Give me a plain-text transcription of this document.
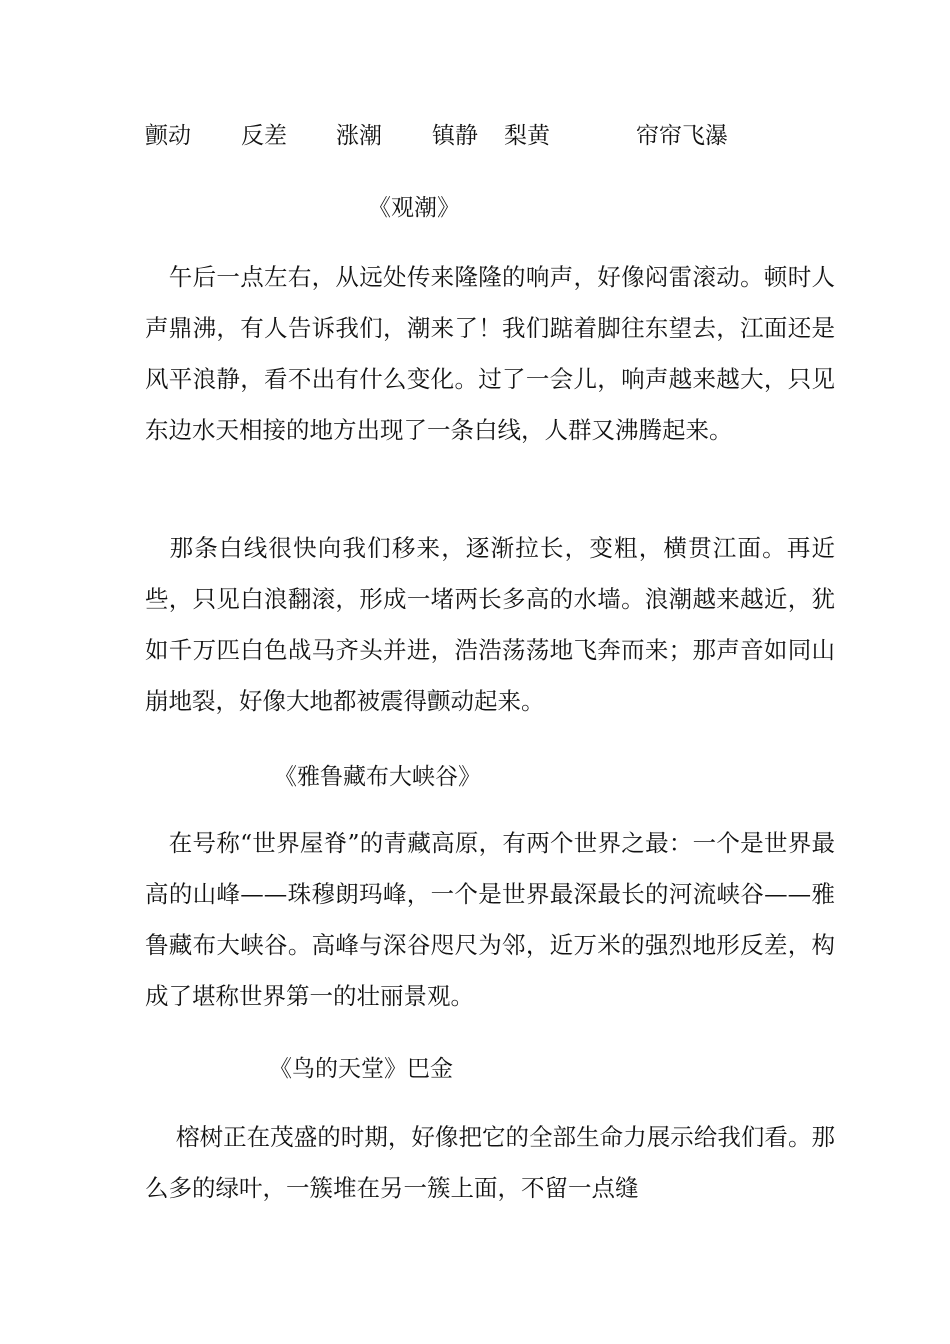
颤动 反差 涨潮 镇静 梨黄	帘帘飞瀑
《观潮》

　午后一点左右，从远处传来隆隆的响声，好像闷雷滚动。顿时人声鼎沸，有人告诉我们，潮来了！我们踮着脚往东望去，江面还是风平浪静，看不出有什么变化。过了一会儿，响声越来越大，只见东边水天相接的地方出现了一条白线，人群又沸腾起来。

　那条白线很快向我们移来，逐渐拉长，变粗，横贯江面。再近些，只见白浪翻滚，形成一堵两长多高的水墙。浪潮越来越近，犹如千万匹白色战马齐头并进，浩浩荡荡地飞奔而来；那声音如同山崩地裂，好像大地都被震得颤动起来。

《雅鲁藏布大峡谷》

　在号称“世界屋脊”的青藏高原，有两个世界之最：一个是世界最高的山峰——珠穆朗玛峰，一个是世界最深最长的河流峡谷——雅鲁藏布大峡谷。高峰与深谷咫尺为邻，近万米的强烈地形反差，构成了堪称世界第一的壮丽景观。

《鸟的天堂》巴金

　 榕树正在茂盛的时期，好像把它的全部生命力展示给我们看。那么多的绿叶，一簇堆在另一簇上面，不留一点缝
